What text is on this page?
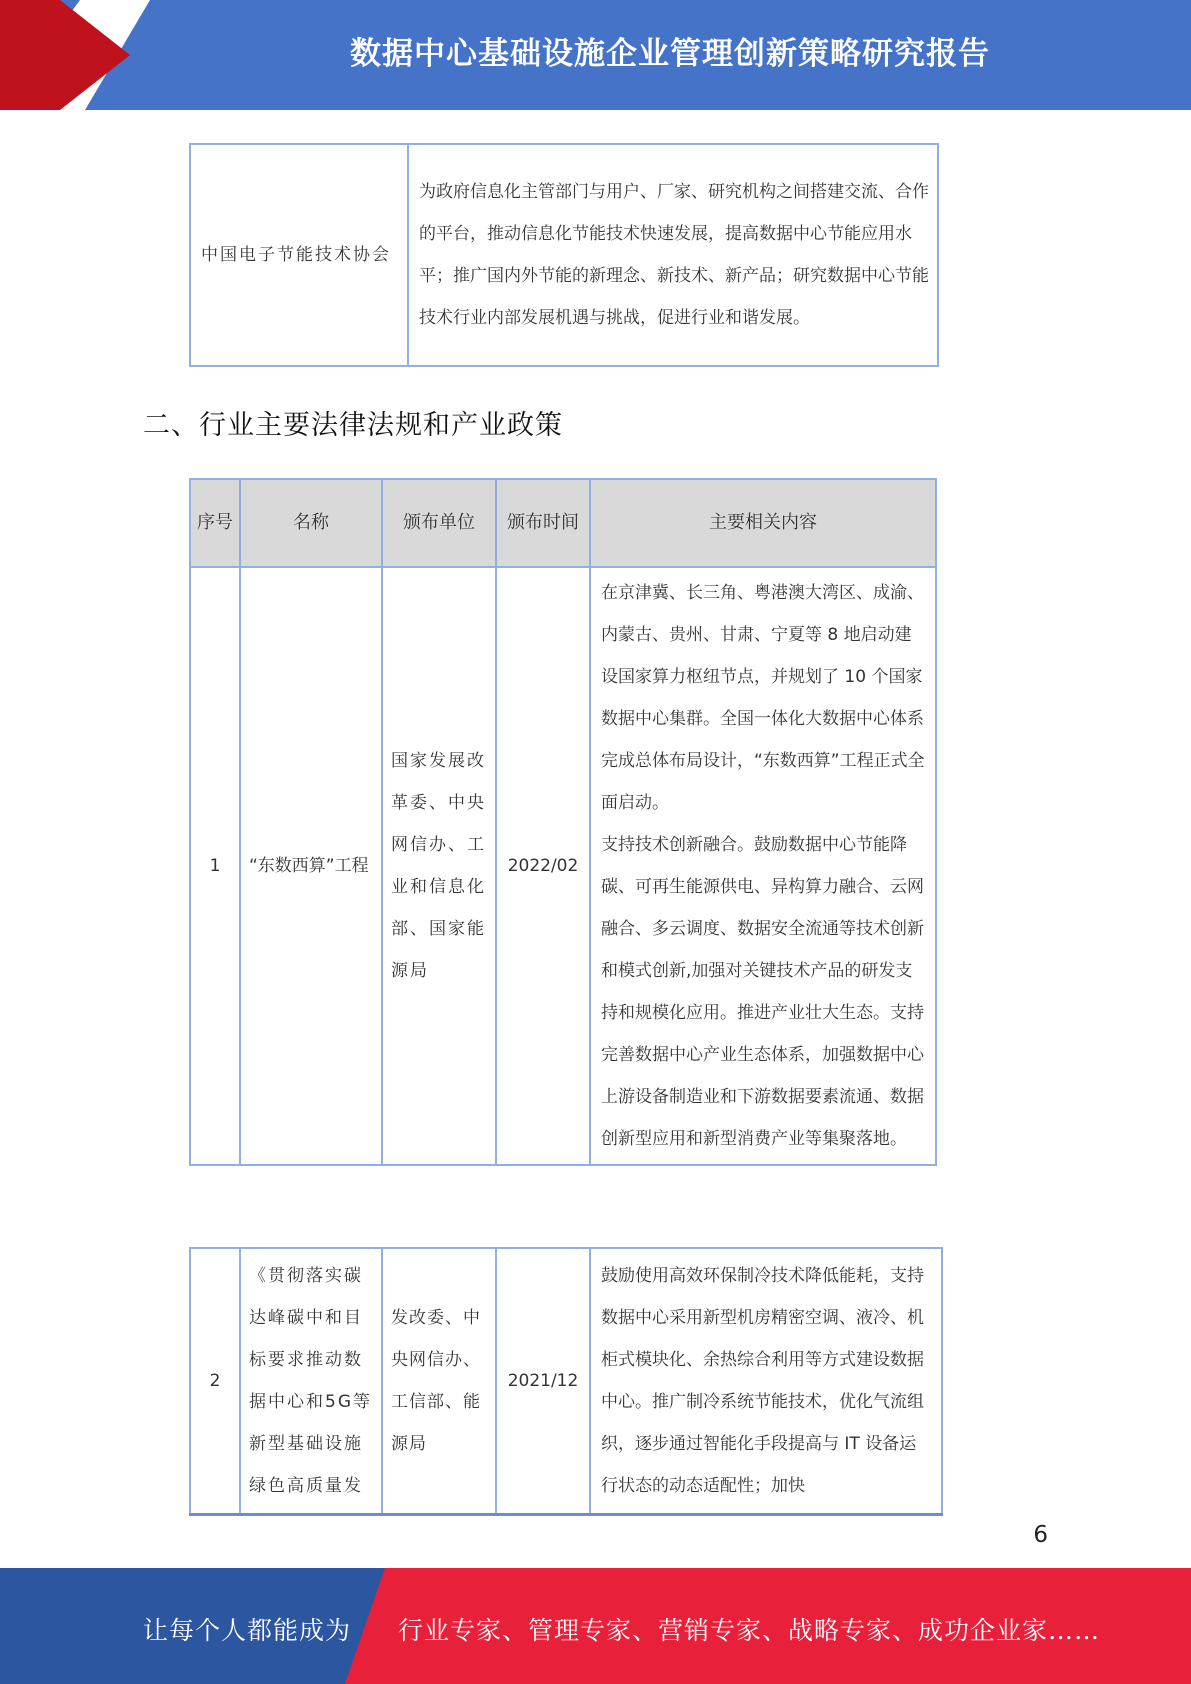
数据中心基础设施企业管理创新策略研究报告
中国电子节能技术协会	为政府信息化主管部门与用户、厂家、研究机构之间搭建交流、合作的平台，推动信息化节能技术快速发展，提高数据中心节能应用水平；推广国内外节能的新理念、新技术、新产品；研究数据中心节能技术行业内部发展机遇与挑战，促进行业和谐发展。
二、行业主要法律法规和产业政策
序号	名称	颁布单位	颁布时间	主要相关内容
1	“东数西算”工程	国家发展改革委、中央网信办、工业和信息化部、国家能源局	2022/02	在京津冀、长三角、粤港澳大湾区、成渝、内蒙古、贵州、甘肃、宁夏等 8 地启动建设国家算力枢纽节点，并规划了 10 个国家数据中心集群。全国一体化大数据中心体系完成总体布局设计，“东数西算”工程正式全面启动。
支持技术创新融合。鼓励数据中心节能降碳、可再生能源供电、异构算力融合、云网融合、多云调度、数据安全流通等技术创新和模式创新,加强对关键技术产品的研发支持和规模化应用。推进产业壮大生态。支持完善数据中心产业生态体系，加强数据中心上游设备制造业和下游数据要素流通、数据创新型应用和新型消费产业等集聚落地。
2	《贯彻落实碳达峰碳中和目标要求推动数据中心和5G等新型基础设施绿色高质量发	发改委、中央网信办、工信部、能源局	2021/12	鼓励使用高效环保制冷技术降低能耗，支持数据中心采用新型机房精密空调、液冷、机柜式模块化、余热综合利用等方式建设数据中心。推广制冷系统节能技术，优化气流组织，逐步通过智能化手段提高与 IT 设备运行状态的动态适配性；加快
6
让每个人都能成为 行业专家、管理专家、营销专家、战略专家、成功企业家……
